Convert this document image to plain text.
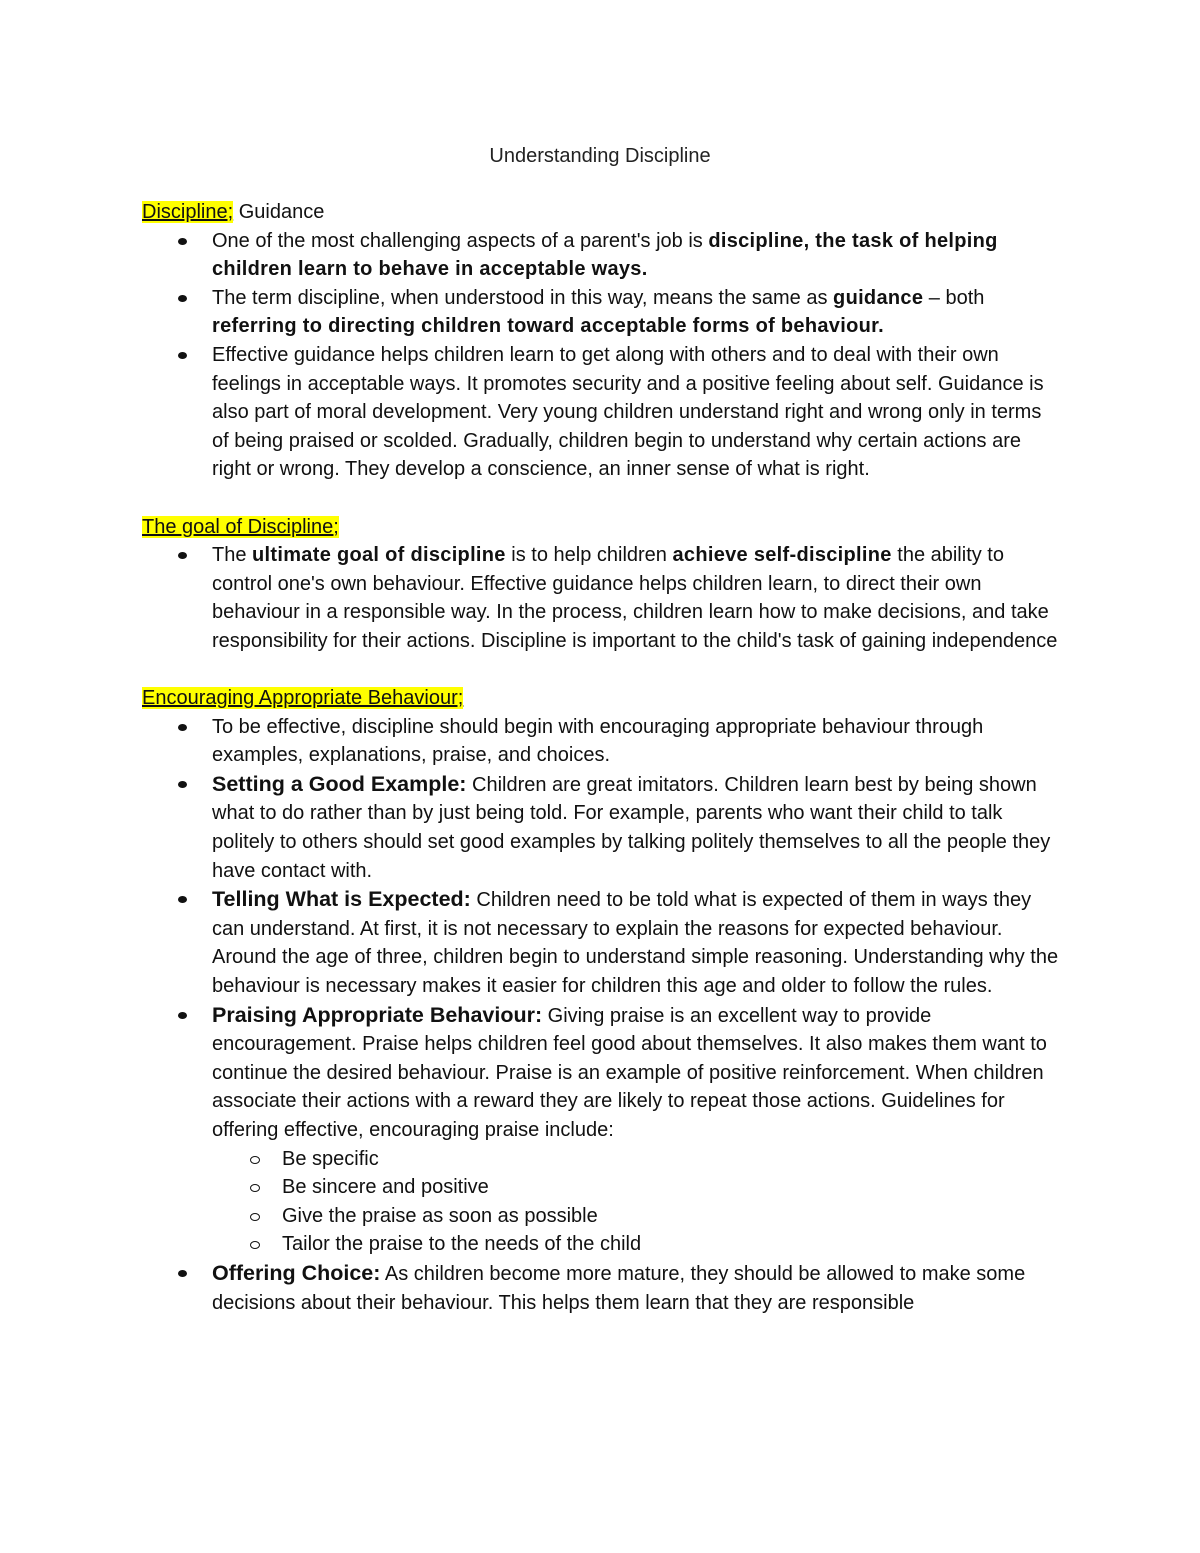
Understanding Discipline

Discipline; Guidance

One of the most challenging aspects of a parent's job is discipline, the task of helping children learn to behave in acceptable ways.
The term discipline, when understood in this way, means the same as guidance – both referring to directing children toward acceptable forms of behaviour.
Effective guidance helps children learn to get along with others and to deal with their own feelings in acceptable ways. It promotes security and a positive feeling about self. Guidance is also part of moral development. Very young children understand right and wrong only in terms of being praised or scolded. Gradually, children begin to understand why certain actions are right or wrong. They develop a conscience, an inner sense of what is right.

The goal of Discipline;

The ultimate goal of discipline is to help children achieve self-discipline the ability to control one's own behaviour. Effective guidance helps children learn, to direct their own behaviour in a responsible way. In the process, children learn how to make decisions, and take responsibility for their actions. Discipline is important to the child's task of gaining independence

Encouraging Appropriate Behaviour;

To be effective, discipline should begin with encouraging appropriate behaviour through examples, explanations, praise, and choices.
Setting a Good Example: Children are great imitators. Children learn best by being shown what to do rather than by just being told. For example, parents who want their child to talk politely to others should set good examples by talking politely themselves to all the people they have contact with.
Telling What is Expected: Children need to be told what is expected of them in ways they can understand. At first, it is not necessary to explain the reasons for expected behaviour. Around the age of three, children begin to understand simple reasoning. Understanding why the behaviour is necessary makes it easier for children this age and older to follow the rules.
Praising Appropriate Behaviour: Giving praise is an excellent way to provide encouragement. Praise helps children feel good about themselves. It also makes them want to continue the desired behaviour. Praise is an example of positive reinforcement. When children associate their actions with a reward they are likely to repeat those actions. Guidelines for offering effective, encouraging praise include:
Be specific
Be sincere and positive
Give the praise as soon as possible
Tailor the praise to the needs of the child
Offering Choice: As children become more mature, they should be allowed to make some decisions about their behaviour. This helps them learn that they are responsible
